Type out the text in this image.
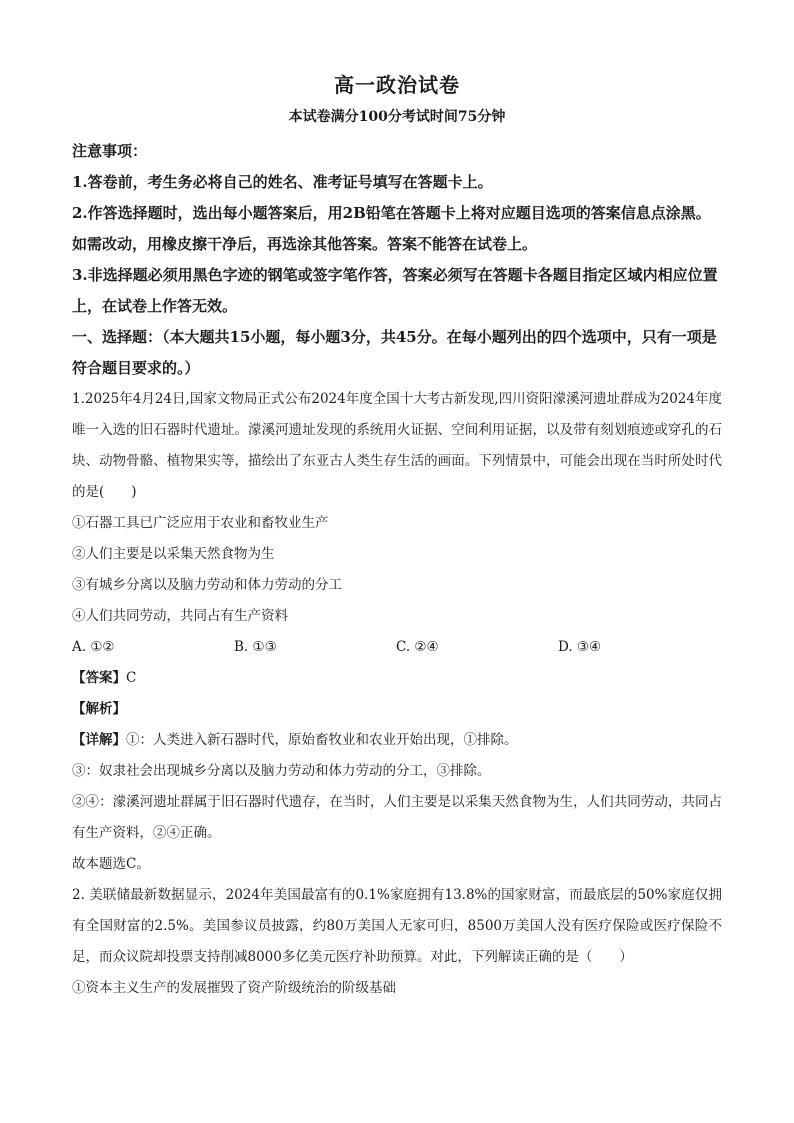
高一政治试卷

本试卷满分100分考试时间75分钟

注意事项：

1.答卷前，考生务必将自己的姓名、准考证号填写在答题卡上。

2.作答选择题时，选出每小题答案后，用2B铅笔在答题卡上将对应题目选项的答案信息点涂黑。如需改动，用橡皮擦干净后，再选涂其他答案。答案不能答在试卷上。

3.非选择题必须用黑色字迹的钢笔或签字笔作答，答案必须写在答题卡各题目指定区域内相应位置上，在试卷上作答无效。

一、选择题：（本大题共15小题，每小题3分，共45分。在每小题列出的四个选项中，只有一项是符合题目要求的。）

1.2025年4月24日,国家文物局正式公布2024年度全国十大考古新发现,四川资阳濛溪河遗址群成为2024年度唯一入选的旧石器时代遗址。濛溪河遗址发现的系统用火证据、空间利用证据，以及带有刻划痕迹或穿孔的石块、动物骨骼、植物果实等，描绘出了东亚古人类生存生活的画面。下列情景中，可能会出现在当时所处时代的是(　　)

①石器工具已广泛应用于农业和畜牧业生产

②人们主要是以采集天然食物为生

③有城乡分离以及脑力劳动和体力劳动的分工

④人们共同劳动，共同占有生产资料

A. ①②	B. ①③	C. ②④	D. ③④

【答案】C

【解析】

【详解】①：人类进入新石器时代，原始畜牧业和农业开始出现，①排除。

③：奴隶社会出现城乡分离以及脑力劳动和体力劳动的分工，③排除。

②④：濛溪河遗址群属于旧石器时代遗存，在当时，人们主要是以采集天然食物为生，人们共同劳动，共同占有生产资料，②④正确。

故本题选C。

2. 美联储最新数据显示，2024年美国最富有的0.1%家庭拥有13.8%的国家财富，而最底层的50%家庭仅拥有全国财富的2.5%。美国参议员披露，约80万美国人无家可归，8500万美国人没有医疗保险或医疗保险不足，而众议院却投票支持削减8000多亿美元医疗补助预算。对此，下列解读正确的是（　　）

①资本主义生产的发展摧毁了资产阶级统治的阶级基础
